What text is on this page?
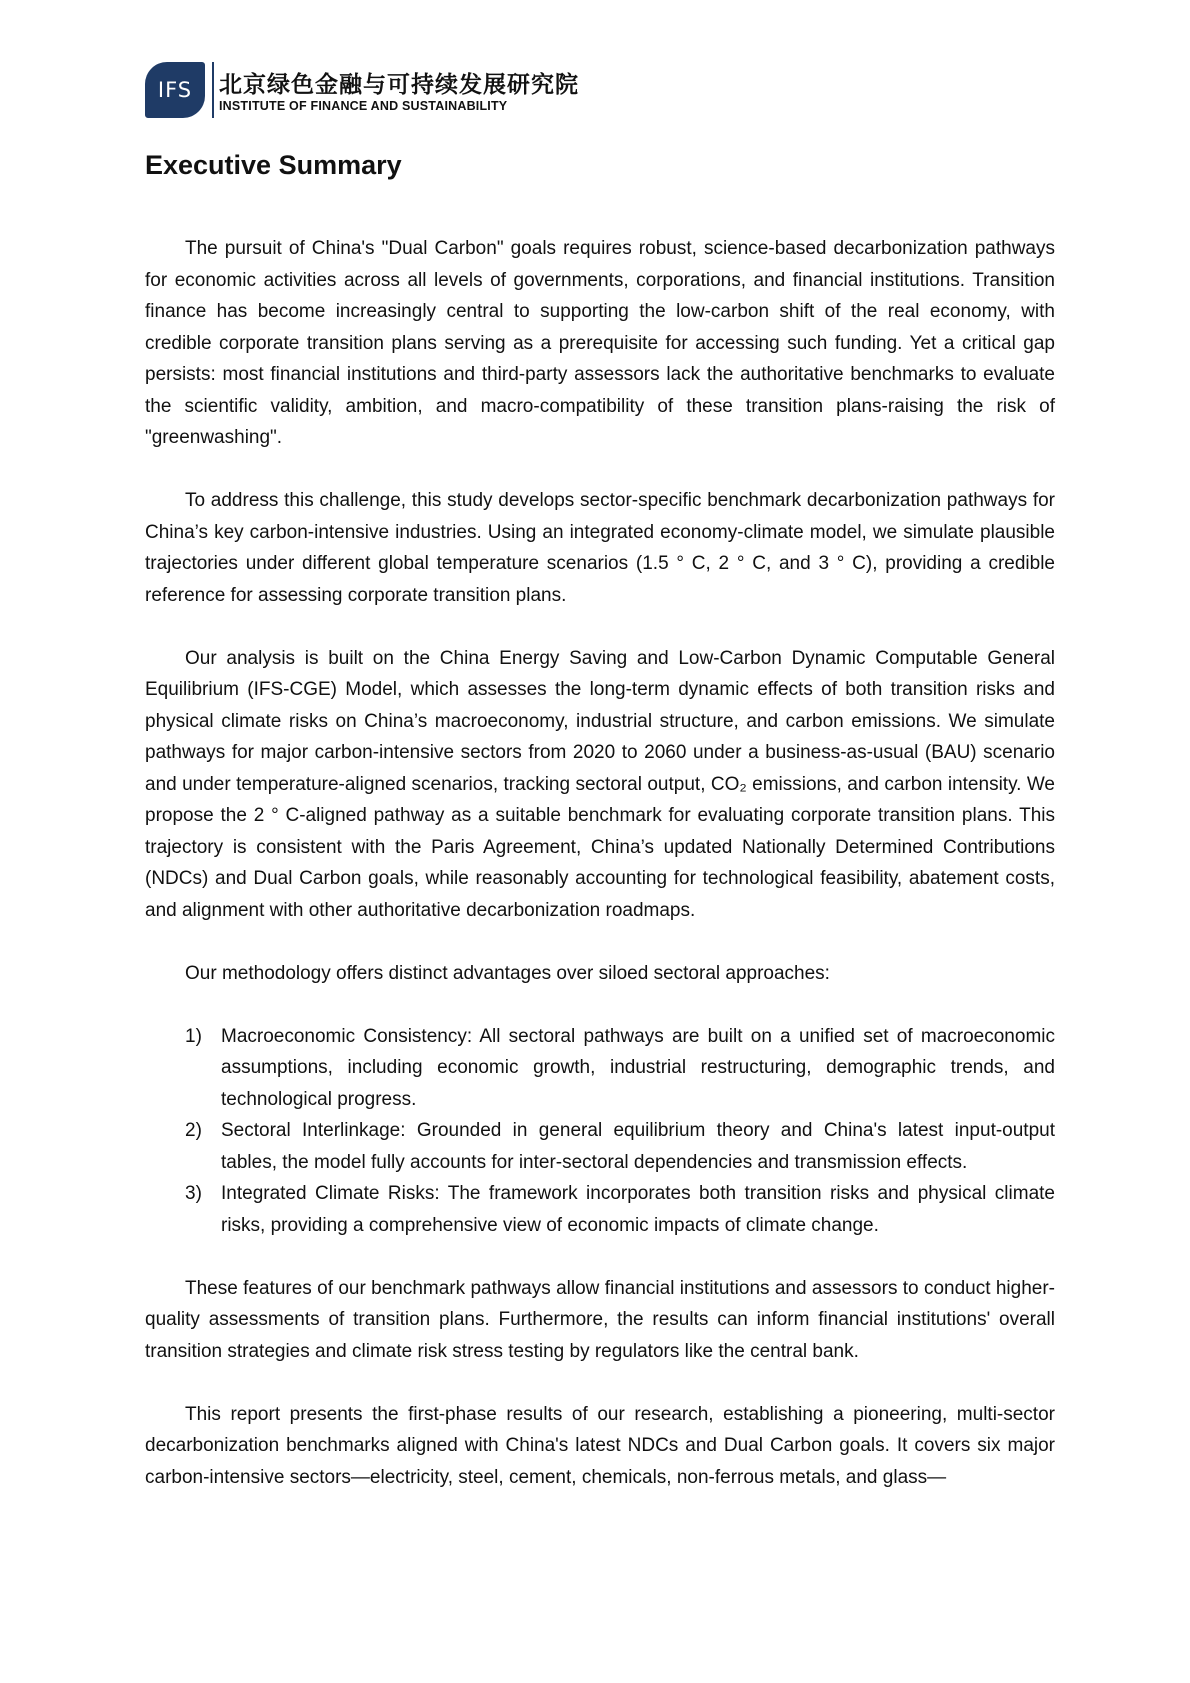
IFS	北京绿色金融与可持续发展研究院
INSTITUTE OF FINANCE AND SUSTAINABILITY
Executive Summary

The pursuit of China's "Dual Carbon" goals requires robust, science-based decarbonization pathways for economic activities across all levels of governments, corporations, and financial institutions. Transition finance has become increasingly central to supporting the low-carbon shift of the real economy, with credible corporate transition plans serving as a prerequisite for accessing such funding. Yet a critical gap persists: most financial institutions and third-party assessors lack the authoritative benchmarks to evaluate the scientific validity, ambition, and macro-compatibility of these transition plans-raising the risk of "greenwashing".

To address this challenge, this study develops sector-specific benchmark decarbonization pathways for China’s key carbon-intensive industries. Using an integrated economy-climate model, we simulate plausible trajectories under different global temperature scenarios (1.5 ° C, 2 ° C, and 3 ° C), providing a credible reference for assessing corporate transition plans.

Our analysis is built on the China Energy Saving and Low-Carbon Dynamic Computable General Equilibrium (IFS-CGE) Model, which assesses the long-term dynamic effects of both transition risks and physical climate risks on China’s macroeconomy, industrial structure, and carbon emissions. We simulate pathways for major carbon-intensive sectors from 2020 to 2060 under a business-as-usual (BAU) scenario and under temperature-aligned scenarios, tracking sectoral output, CO₂ emissions, and carbon intensity. We propose the 2 ° C-aligned pathway as a suitable benchmark for evaluating corporate transition plans. This trajectory is consistent with the Paris Agreement, China’s updated Nationally Determined Contributions (NDCs) and Dual Carbon goals, while reasonably accounting for technological feasibility, abatement costs, and alignment with other authoritative decarbonization roadmaps.

Our methodology offers distinct advantages over siloed sectoral approaches:

1) Macroeconomic Consistency: All sectoral pathways are built on a unified set of macroeconomic assumptions, including economic growth, industrial restructuring, demographic trends, and technological progress.
2) Sectoral Interlinkage: Grounded in general equilibrium theory and China's latest input-output tables, the model fully accounts for inter-sectoral dependencies and transmission effects.
3) Integrated Climate Risks: The framework incorporates both transition risks and physical climate risks, providing a comprehensive view of economic impacts of climate change.

These features of our benchmark pathways allow financial institutions and assessors to conduct higher-quality assessments of transition plans. Furthermore, the results can inform financial institutions' overall transition strategies and climate risk stress testing by regulators like the central bank.

This report presents the first-phase results of our research, establishing a pioneering, multi-sector decarbonization benchmarks aligned with China's latest NDCs and Dual Carbon goals. It covers six major carbon-intensive sectors—electricity, steel, cement, chemicals, non-ferrous metals, and glass—
